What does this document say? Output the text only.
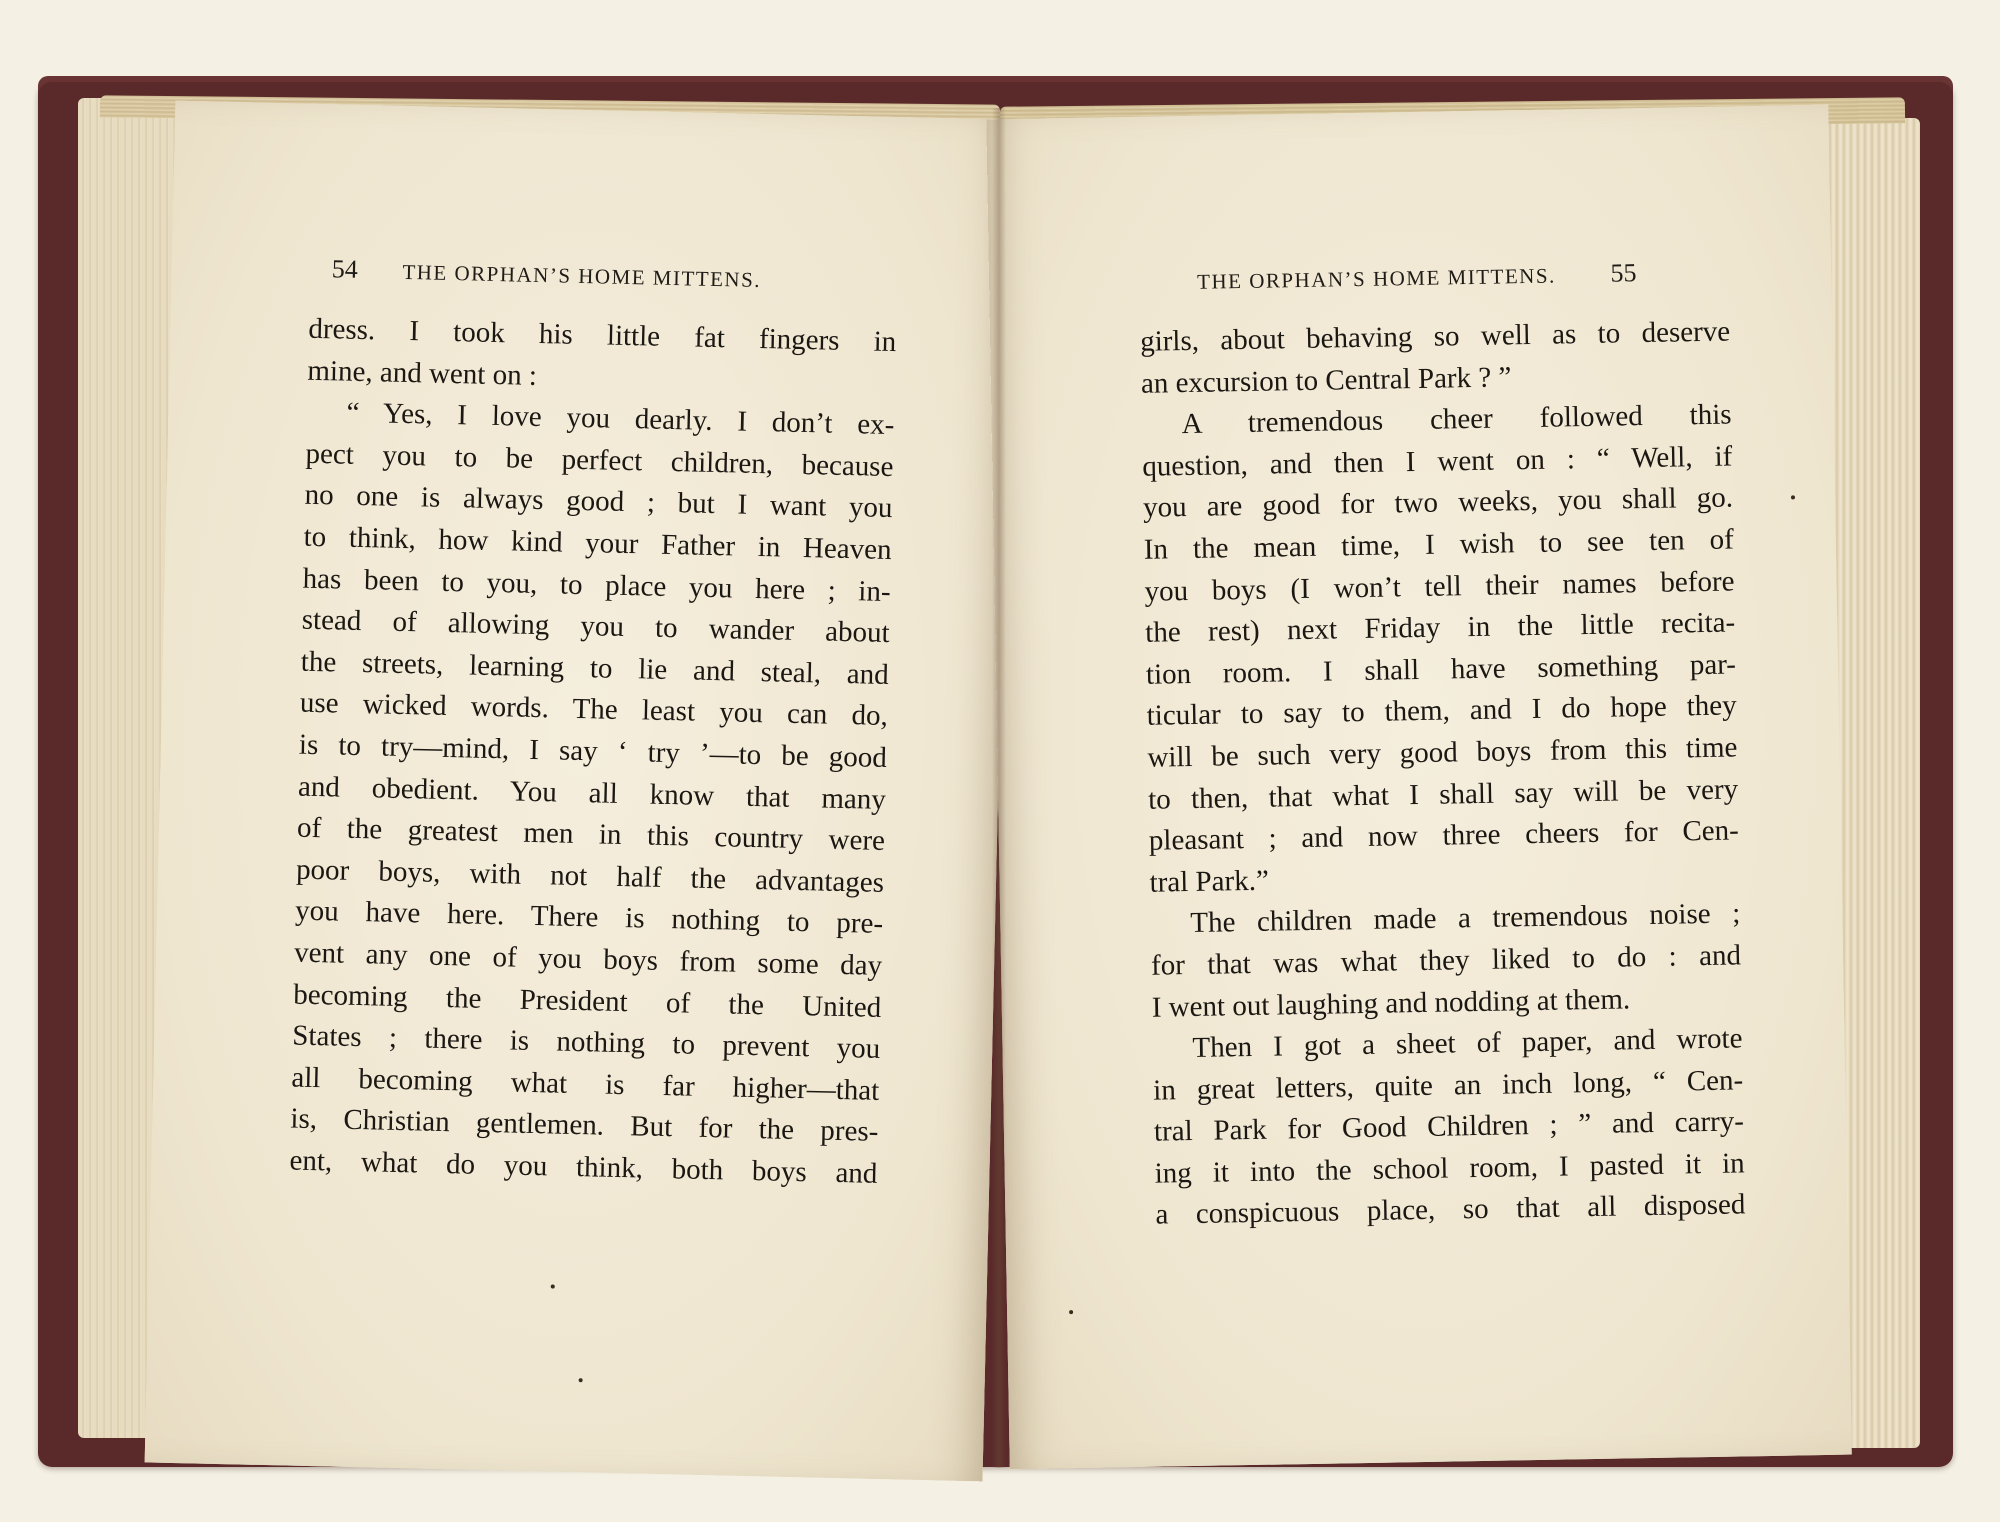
54 THE ORPHAN’S HOME MITTENS.
dress. I took his little fat fingers in
mine, and went on :
“ Yes, I love you dearly. I don’t ex-
pect you to be perfect children, because
no one is always good ; but I want you
to think, how kind your Father in Heaven
has been to you, to place you here ; in-
stead of allowing you to wander about
the streets, learning to lie and steal, and
use wicked words. The least you can do,
is to try—mind, I say ‘ try ’—to be good
and obedient. You all know that many
of the greatest men in this country were
poor boys, with not half the advantages
you have here. There is nothing to pre-
vent any one of you boys from some day
becoming the President of the United
States ; there is nothing to prevent you
all becoming what is far higher—that
is, Christian gentlemen. But for the pres-
ent, what do you think, both boys and
THE ORPHAN’S HOME MITTENS. 55
girls, about behaving so well as to deserve
an excursion to Central Park ? ”
A tremendous cheer followed this
question, and then I went on : “ Well, if
you are good for two weeks, you shall go.
In the mean time, I wish to see ten of
you boys (I won’t tell their names before
the rest) next Friday in the little recita-
tion room. I shall have something par-
ticular to say to them, and I do hope they
will be such very good boys from this time
to then, that what I shall say will be very
pleasant ; and now three cheers for Cen-
tral Park.”
The children made a tremendous noise ;
for that was what they liked to do : and
I went out laughing and nodding at them.
Then I got a sheet of paper, and wrote
in great letters, quite an inch long, “ Cen-
tral Park for Good Children ; ” and carry-
ing it into the school room, I pasted it in
a conspicuous place, so that all disposed
